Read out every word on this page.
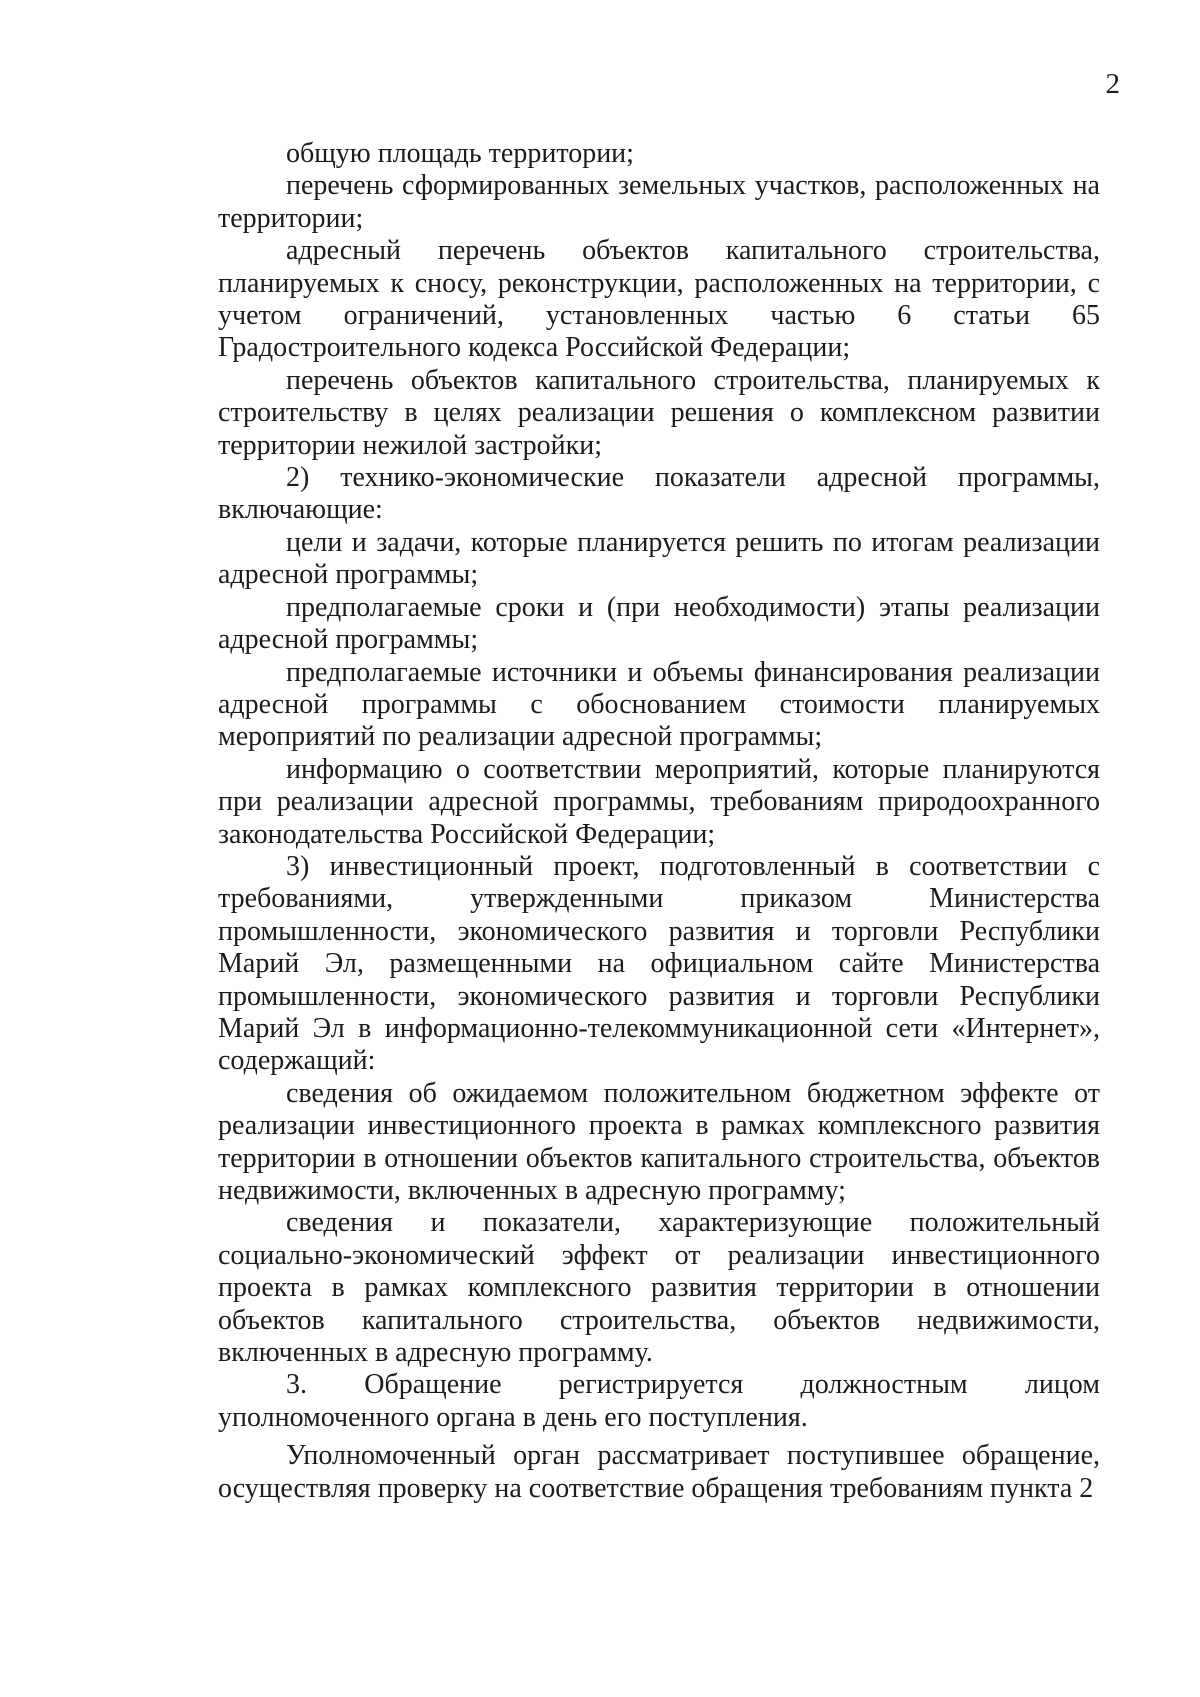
2

общую площадь территории;

перечень сформированных земельных участков, расположенных на территории;

адресный перечень объектов капитального строительства, планируемых к сносу, реконструкции, расположенных на территории, с учетом ограничений, установленных частью 6 статьи 65 Градостроительного кодекса Российской Федерации;

перечень объектов капитального строительства, планируемых к строительству в целях реализации решения о комплексном развитии территории нежилой застройки;

2) технико-экономические показатели адресной программы, включающие:

цели и задачи, которые планируется решить по итогам реализации адресной программы;

предполагаемые сроки и (при необходимости) этапы реализации адресной программы;

предполагаемые источники и объемы финансирования реализации адресной программы с обоснованием стоимости планируемых мероприятий по реализации адресной программы;

информацию о соответствии мероприятий, которые планируются при реализации адресной программы, требованиям природоохранного законодательства Российской Федерации;

3) инвестиционный проект, подготовленный в соответствии с требованиями, утвержденными приказом Министерства промышленности, экономического развития и торговли Республики Марий Эл, размещенными на официальном сайте Министерства промышленности, экономического развития и торговли Республики Марий Эл в информационно-телекоммуникационной сети «Интернет», содержащий:

сведения об ожидаемом положительном бюджетном эффекте от реализации инвестиционного проекта в рамках комплексного развития территории в отношении объектов капитального строительства, объектов недвижимости, включенных в адресную программу;

сведения и показатели, характеризующие положительный социально-экономический эффект от реализации инвестиционного проекта в рамках комплексного развития территории в отношении объектов капитального строительства, объектов недвижимости, включенных в адресную программу.

3. Обращение регистрируется должностным лицом уполномоченного органа в день его поступления.

Уполномоченный орган рассматривает поступившее обращение, осуществляя проверку на соответствие обращения требованиям пункта 2
